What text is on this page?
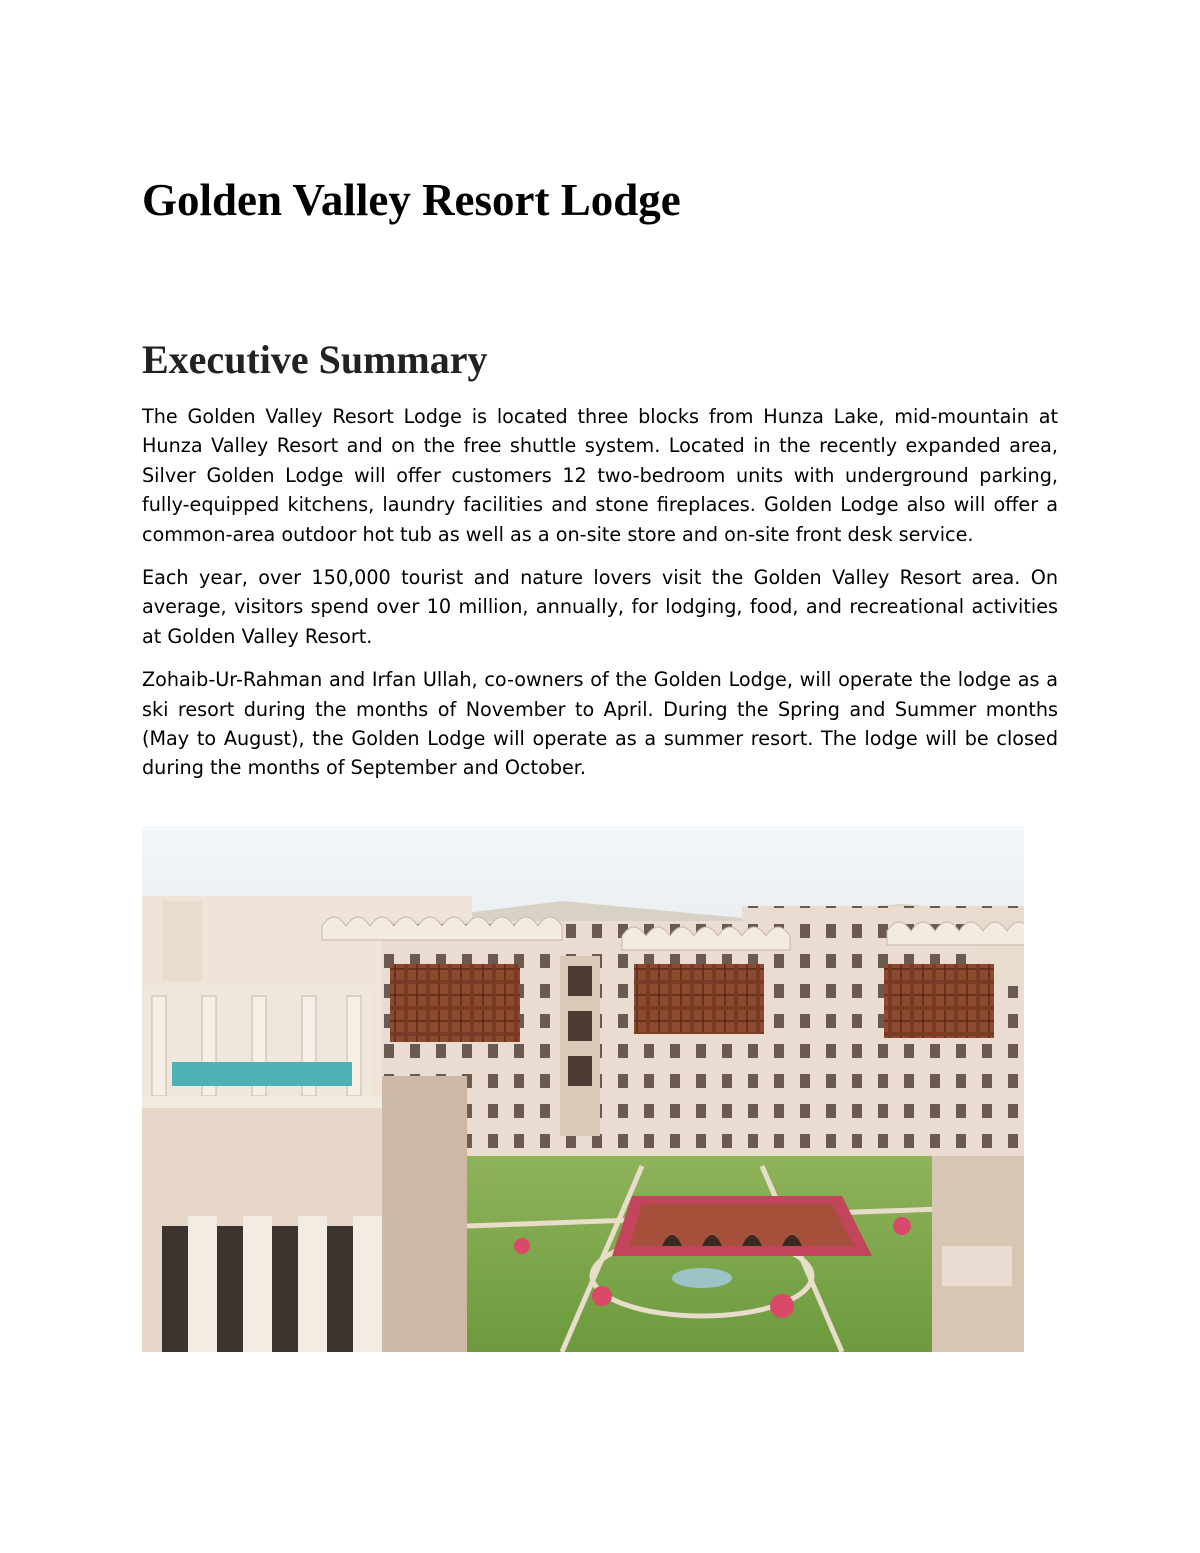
Golden Valley Resort Lodge
Executive Summary

The Golden Valley Resort Lodge is located three blocks from Hunza Lake, mid-mountain at Hunza Valley Resort and on the free shuttle system. Located in the recently expanded area, Silver Golden Lodge will offer customers 12 two-bedroom units with underground parking, fully-equipped kitchens, laundry facilities and stone fireplaces. Golden Lodge also will offer a common-area outdoor hot tub as well as a on-site store and on-site front desk service.

Each year, over 150,000 tourist and nature lovers visit the Golden Valley Resort area. On average, visitors spend over 10 million, annually, for lodging, food, and recreational activities at Golden Valley Resort.

Zohaib-Ur-Rahman and Irfan Ullah, co-owners of the Golden Lodge, will operate the lodge as a ski resort during the months of November to April. During the Spring and Summer months (May to August), the Golden Lodge will operate as a summer resort. The lodge will be closed during the months of September and October.
